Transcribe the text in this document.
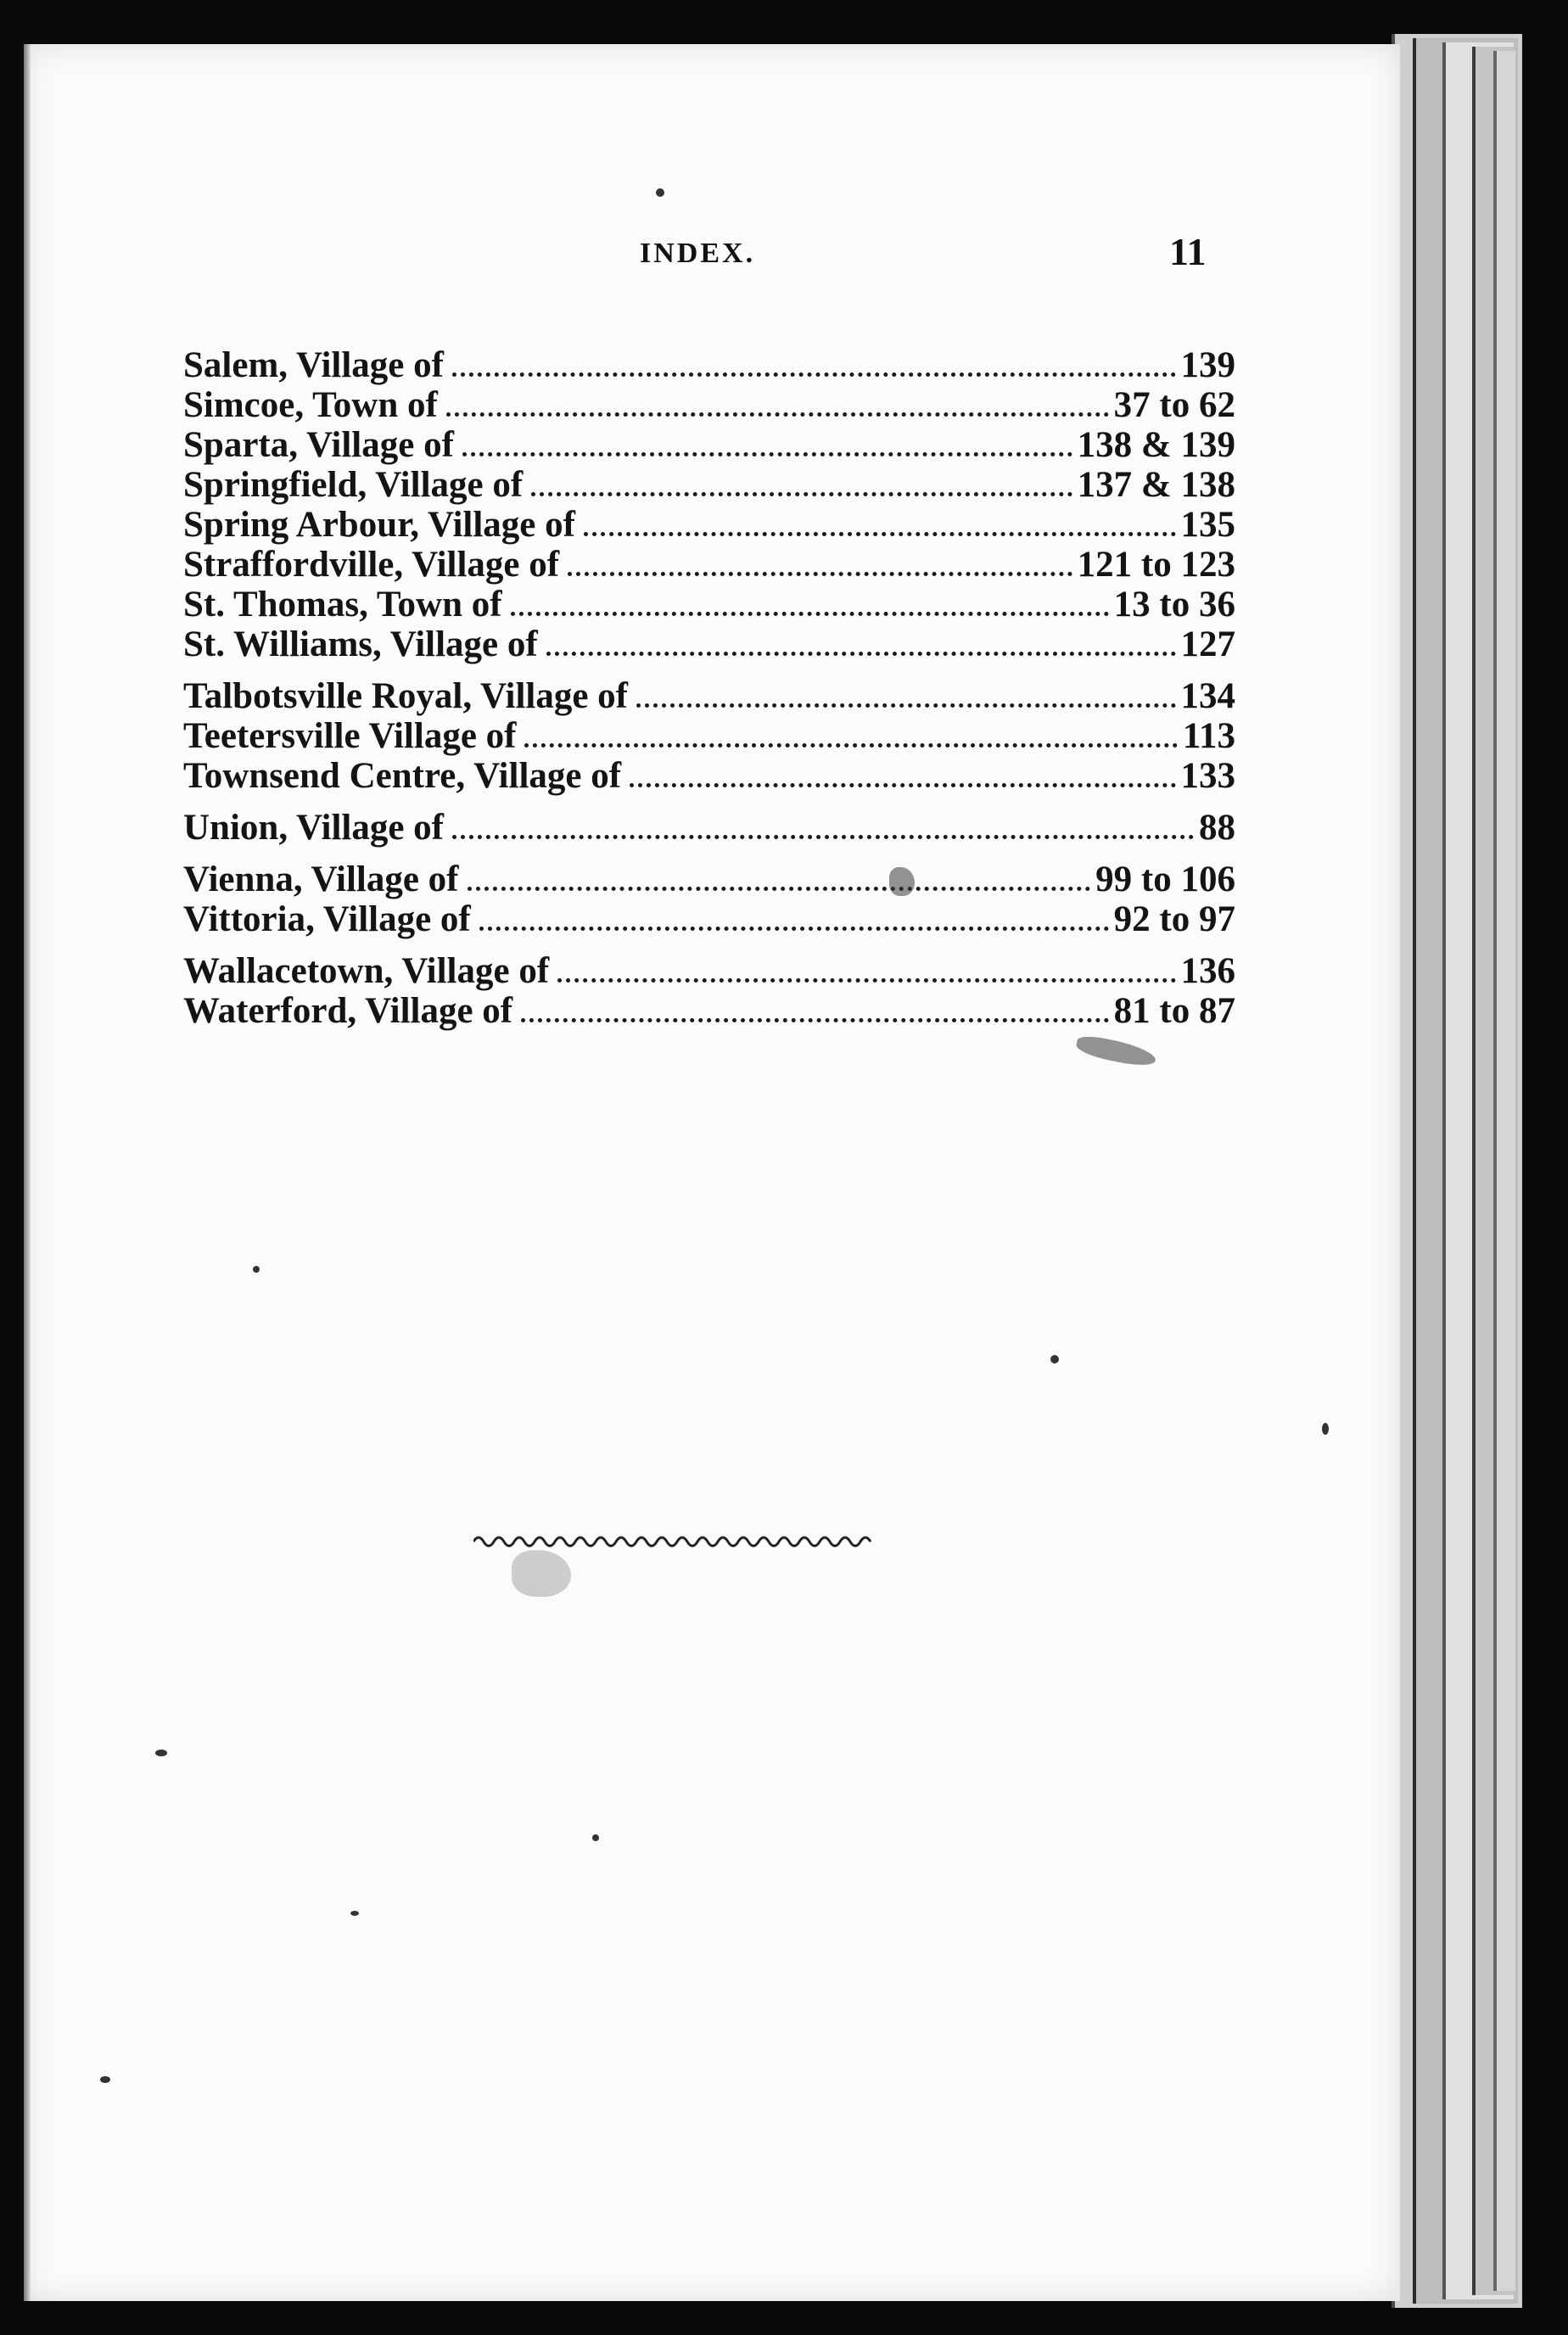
INDEX.	11
Salem, Village of	139
Simcoe, Town of	37 to 62
Sparta, Village of	138 & 139
Springfield, Village of	137 & 138
Spring Arbour, Village of	135
Straffordville, Village of	121 to 123
St. Thomas, Town of	13 to 36
St. Williams, Village of	127
Talbotsville Royal, Village of	134
Teetersville Village of	113
Townsend Centre, Village of	133
Union, Village of	88
Vienna, Village of	99 to 106
Vittoria, Village of	92 to 97
Wallacetown, Village of	136
Waterford, Village of	81 to 87
